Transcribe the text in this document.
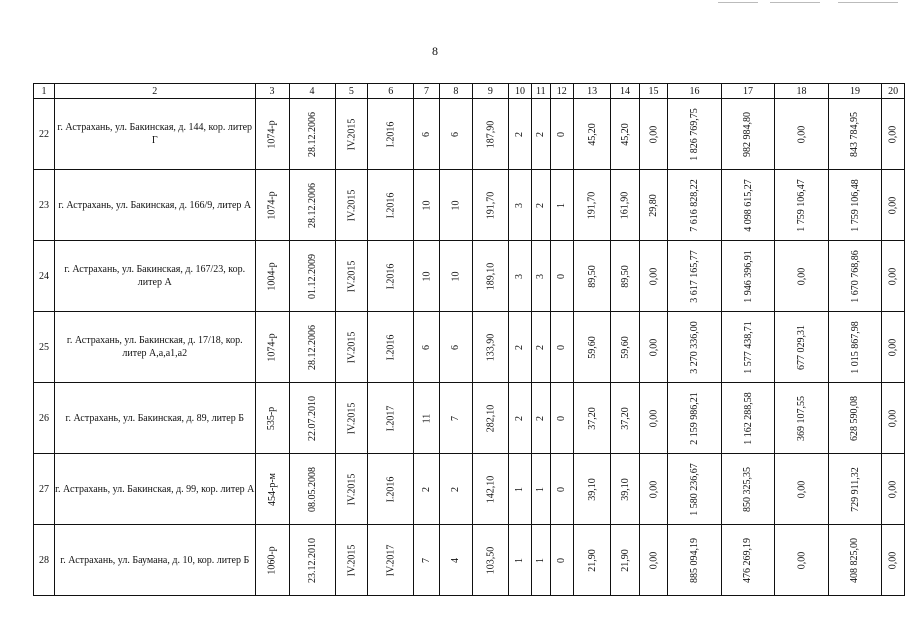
8
1	2	3	4	5	6	7	8	9	10	11	12	13	14	15	16	17	18	19	20
22	г. Астрахань, ул. Бакинская, д. 144, кор. литер Г	1074-р	28.12.2006	IV.2015	I.2016	6	6	187,90	2	2	0	45,20	45,20	0,00	1 826 769,75	982 984,80	0,00	843 784,95	0,00
23	г. Астрахань, ул. Бакинская, д. 166/9, литер А	1074-р	28.12.2006	IV.2015	I.2016	10	10	191,70	3	2	1	191,70	161,90	29,80	7 616 828,22	4 098 615,27	1 759 106,47	1 759 106,48	0,00
24	г. Астрахань, ул. Бакинская, д. 167/23, кор. литер А	1004-р	01.12.2009	IV.2015	I.2016	10	10	189,10	3	3	0	89,50	89,50	0,00	3 617 165,77	1 946 396,91	0,00	1 670 768,86	0,00
25	г. Астрахань, ул. Бакинская, д. 17/18, кор. литер А,а,а1,а2	1074-р	28.12.2006	IV.2015	I.2016	6	6	133,90	2	2	0	59,60	59,60	0,00	3 270 336,00	1 577 438,71	677 029,31	1 015 867,98	0,00
26	г. Астрахань, ул. Бакинская, д. 89, литер Б	535-р	22.07.2010	IV.2015	I.2017	11	7	282,10	2	2	0	37,20	37,20	0,00	2 159 986,21	1 162 288,58	369 107,55	628 590,08	0,00
27	г. Астрахань, ул. Бакинская, д. 99, кор. литер А	454-р-м	08.05.2008	IV.2015	I.2016	2	2	142,10	1	1	0	39,10	39,10	0,00	1 580 236,67	850 325,35	0,00	729 911,32	0,00
28	г. Астрахань, ул. Баумана, д. 10, кор. литер Б	1060-р	23.12.2010	IV.2015	IV.2017	7	4	103,50	1	1	0	21,90	21,90	0,00	885 094,19	476 269,19	0,00	408 825,00	0,00
